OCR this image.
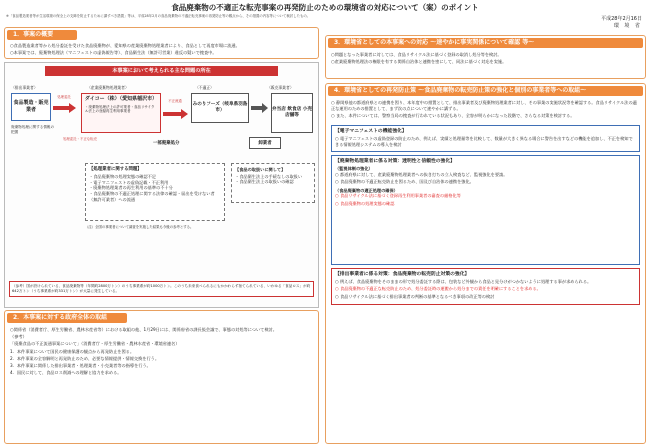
食品廃棄物の不適正な転売事案の再発防止のための環境省の対応について（案）のポイント
※「食品製造業者等が生活環境の保全上の支障を防止するために講ずべき措置」等は、平成28年2月の食品廃棄物の不適正転売事案の再発防止等の観点から、その措置の内容等について検討したもの。	平成28年2月16日
環 境 省
1．事案の概要
○食品製造業者等から処分委託を受けた食品廃棄物が、愛知県の産業廃棄物処理業者により、食品として再度市場に流通。
○本事案では、廃棄物処理法（マニフェストの虚偽報告等）、食品衛生法（無許可営業）違反の疑いで捜査中。
本事案において考えられる主な問題の所在
〈排出事業者〉
食品製造・販売業者
廃棄物処理に関する情報の把握
処理委託
〈産業廃棄物処理業者〉
ダイコー（株）（愛知県稲沢市）
・廃棄物処理法上の許可業者・食品リサイクル法上の登録再生利用事業者
不正流通
〈不適正〉
みのりフーズ（岐阜県羽島市）
〈販売事業者〉
弁当店 飲食店 小売店舗等
卸業者
一部廃棄処分
処理委託・不正な転売
【処理業者に関する問題】
・食品廃棄物の処理実態の確認不足
・電子マニフェストの虚偽記載・不正利用
・廃棄物処理業者の再生利用の基準の不十分
・食品廃棄物の不適正処理に関する法律の確認・届出を受けない者（無許可業者）への流通
【食品の取扱いに関して】
・食品衛生法上の手続なしの取扱い
・食品衛生法上の取扱いの確認
（注）全国の事業者について調査を実施した結果も今後の参考とする。
（参考）国が設けられている、食品廃棄物等（年間約2800万トン）のうち事業系が約1000万トン。このうち未来食べられるにもかかわらず捨てられている、いわゆる「食品ロス」が約642万トン（うち事業系が約331万トン）が大量に発生している。
2．本事案に対する政府全体の取組
○関係省（消費者庁、厚生労働省、農林水産省等）における取組の他、1月29日には、関係府省の課長級会議で、事態の対処等について検討。
（参考）
「廃棄食品の不正流通事案について」（消費者庁・厚生労働省・農林水産省・環境省連名）
1．本件事案について国民の健康保護の観点から再発防止を図る。
2．本件事案の全容解明と再発防止のため、必要な情報提供・情報交換を行う。
3．本件事案に関係した排出事業者・処理業者・小売業者等の指導を行う。
4．国民に対して、食品ロス削減への理解と協力を求める。
3．環境省としての本事案への対応 ～速やかに事実関係について確認 等～
○問題となった事業者に対しては、食品リサイクル法に基づく登録の取消し処分等を検討。
○産業廃棄物処理法の権限を有する関係自治体と連携を密にして、同法に基づく対応を実施。
4．環境省としての再発防止策 ～食品廃棄物の転売防止策の強化と個別の事業者等への取組～
○ 静岡県他の都道府県との連携を図り、本年度中の措置として、排出事業者及び廃棄物処理業者に対し、その事業の実施状況等を確認する。食品リサイクル法の適正な運用のための措置として、まず次の点について速やかに講ずる。
○ また、本件については、警察当局の捜査が行われている状況もあり、全容が明らかになった段階で、さらなる対策を検討する。
【電子マニフェストの機能強化】
○ 電子マニフェストの虚偽登録の防止のため、例えば、実績と処理量等を比較して、数量が大きく異なる場合に警告を出すなどの機能を追加し、不正を検知できる情報処理システムの導入を検討
【廃棄物処理業者に係る対策：透明性と信頼性の強化】
（監視体制の強化）
○ 都道府県に対して、産業廃棄物処理業者への抜き打ちの立入検査など、監視強化を要請。
○ 食品廃棄物の不適正転売防止を図るため、国及び自治体の連携を強化。
（食品廃棄物の適正処理の確保）
○ 食品リサイクル法に基づく登録再生利用事業者の審査の厳格化等
○ 食品廃棄物の処理実態の確認
【排出事業者に係る対策：食品廃棄物の転売防止対策の強化】
○ 例えば、食品廃棄物をそのままの形で処分委託する際は、包装など外観から食品と見分けがつかないように処理する事が求められる。
○ 食品廃棄物の不適正な転売防止のため、処分委託時の運搬から処分までの責任を明確にすることを求める。
○ 食品リサイクル法に基づく排出事業者の判断の基準となるべき事項の改正等の検討
